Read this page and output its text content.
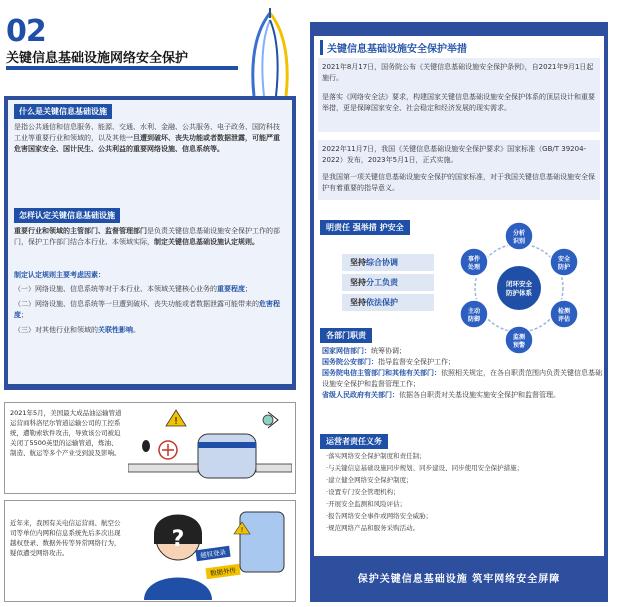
02
关键信息基础设施网络安全保护
什么是关键信息基础设施
是指公共通信和信息服务、能源、交通、水利、金融、公共服务、电子政务、国防科技工业等重要行业和领域的，以及其他一旦遭到破坏、丧失功能或者数据泄露，可能严重危害国家安全、国计民生、公共利益的重要网络设施、信息系统等。
怎样认定关键信息基础设施
重要行业和领域的主管部门、监督管理部门是负责关键信息基础设施安全保护工作的部门，保护工作部门结合本行业、本领域实际，制定关键信息基础设施认定规则。
制定认定规则主要考虑因素：
（一）网络设施、信息系统等对于本行业、本领域关键核心业务的重要程度；
（二）网络设施、信息系统等一旦遭到破坏、丧失功能或者数据泄露可能带来的危害程度；
（三）对其他行业和领域的关联性影响。
2021年5月，美国最大成品油运输管道运营商科洛尼尔管道运输公司的工控系统，遭勒索软件攻击，导致该公司被迫关闭了5500英里的运输管道，炼油、制造、航运等多个产业受到波及影响。
!
近年来，我国有关电信运营商、航空公司等单位内网和信息系统先后多次出现越权登录、数据外传等异常网络行为，疑似遭受网络攻击。
?	!
越权登录
数据外传
关键信息基础设施安全保护举措
2021年8月17日，国务院公布《关键信息基础设施安全保护条例》，自2021年9月1日起施行。
是落实《网络安全法》要求，构建国家关键信息基础设施安全保护体系的顶层设计和重要举措，更是保障国家安全、社会稳定和经济发展的现实需求。
2022年11月7日，我国《关键信息基础设施安全保护要求》国家标准（GB/T 39204-2022）发布，2023年5月1日，正式实施。
是我国第一项关键信息基础设施安全保护的国家标准，对于我国关键信息基础设施安全保护有着重要的指导意义。
明责任 强举措 护安全
坚持综合协调
坚持分工负责
坚持依法保护
闭环安全
防护体系
分析
识别
安全
防护
检测
评估
监测
预警
主动
防御
事件
处理
各部门职责
国家网信部门：统筹协调；
国务院公安部门：指导监督安全保护工作；
国务院电信主管部门和其他有关部门：依照相关规定，在各自职责范围内负责关键信息基础设施安全保护和监督管理工作；
省级人民政府有关部门：依据各自职责对关基设施实施安全保护和监督管理。
运营者责任义务
·落实网络安全保护制度和责任制；
·与关键信息基础设施同步规划、同步建设、同步使用安全保护措施；
·建立健全网络安全保护制度；
·设置专门安全管理机构；
·开展安全监测和风险评估；
·报告网络安全事件或网络安全威胁；
·规范网络产品和服务采购活动。
保护关键信息基础设施 筑牢网络安全屏障
